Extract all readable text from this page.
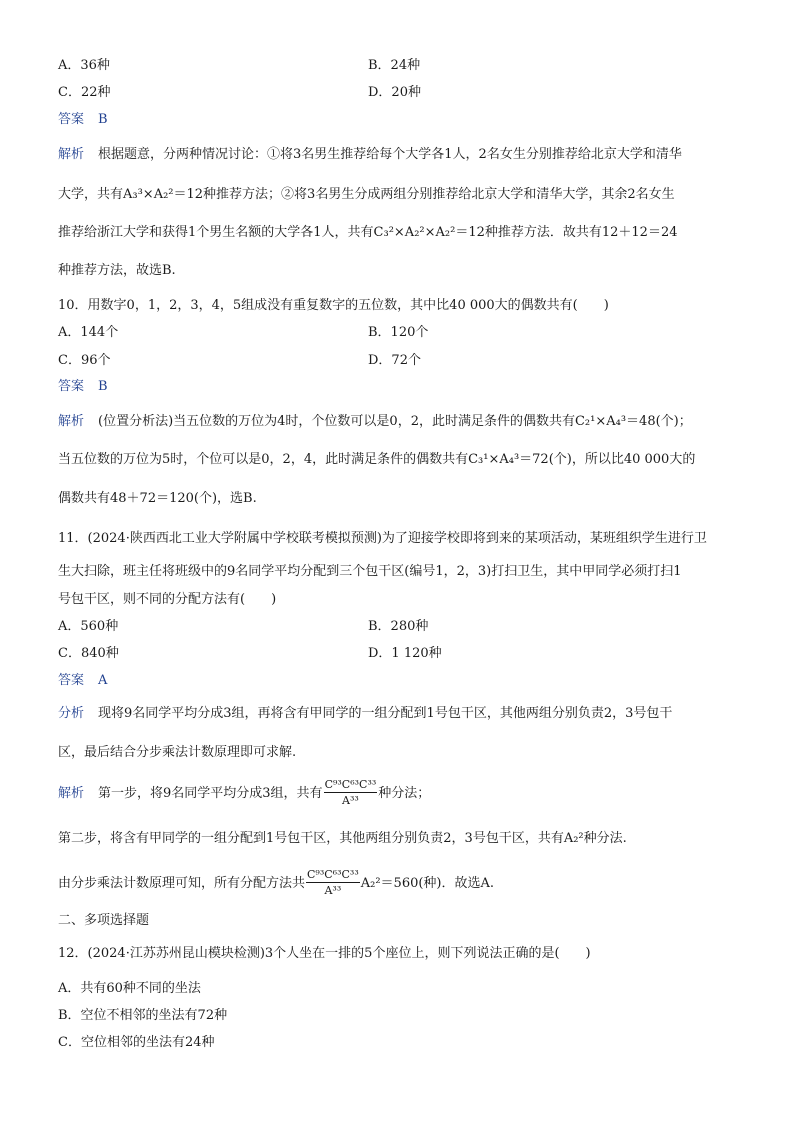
A．36种	B．24种
C．22种	D．20种
答案 B
解析 根据题意，分两种情况讨论：①将3名男生推荐给每个大学各1人，2名女生分别推荐给北京大学和清华
大学，共有A₃³×A₂²＝12种推荐方法；②将3名男生分成两组分别推荐给北京大学和清华大学，其余2名女生
推荐给浙江大学和获得1个男生名额的大学各1人，共有C₃²×A₂²×A₂²＝12种推荐方法．故共有12＋12＝24
种推荐方法，故选B.
10．用数字0，1，2，3，4，5组成没有重复数字的五位数，其中比40 000大的偶数共有(　　)
A．144个	B．120个
C．96个	D．72个
答案 B
解析 (位置分析法)当五位数的万位为4时，个位数可以是0，2，此时满足条件的偶数共有C₂¹×A₄³＝48(个)；
当五位数的万位为5时，个位可以是0，2，4，此时满足条件的偶数共有C₃¹×A₄³＝72(个)，所以比40 000大的
偶数共有48＋72＝120(个)，选B.
11．(2024·陕西西北工业大学附属中学校联考模拟预测)为了迎接学校即将到来的某项活动，某班组织学生进行卫
生大扫除，班主任将班级中的9名同学平均分配到三个包干区(编号1，2，3)打扫卫生，其中甲同学必须打扫1
号包干区，则不同的分配方法有(　　)
A．560种	B．280种
C．840种	D．1 120种
答案 A
分析 现将9名同学平均分成3组，再将含有甲同学的一组分配到1号包干区，其他两组分别负责2，3号包干
区，最后结合分步乘法计数原理即可求解.
解析 第一步，将9名同学平均分成3组，共有 $\frac{\text{C⁹³C⁶³C³³}}{\text{A³³}}$ 种分法；
第二步，将含有甲同学的一组分配到1号包干区，其他两组分别负责2，3号包干区，共有A₂²种分法.
由分步乘法计数原理可知，所有分配方法共 $\frac{\text{C⁹³C⁶³C³³}}{\text{A³³}} A_2^2=560$(种)．故选A.
二、多项选择题
12．(2024·江苏苏州昆山模块检测)3个人坐在一排的5个座位上，则下列说法正确的是(　　)
A．共有60种不同的坐法
B．空位不相邻的坐法有72种
C．空位相邻的坐法有24种
